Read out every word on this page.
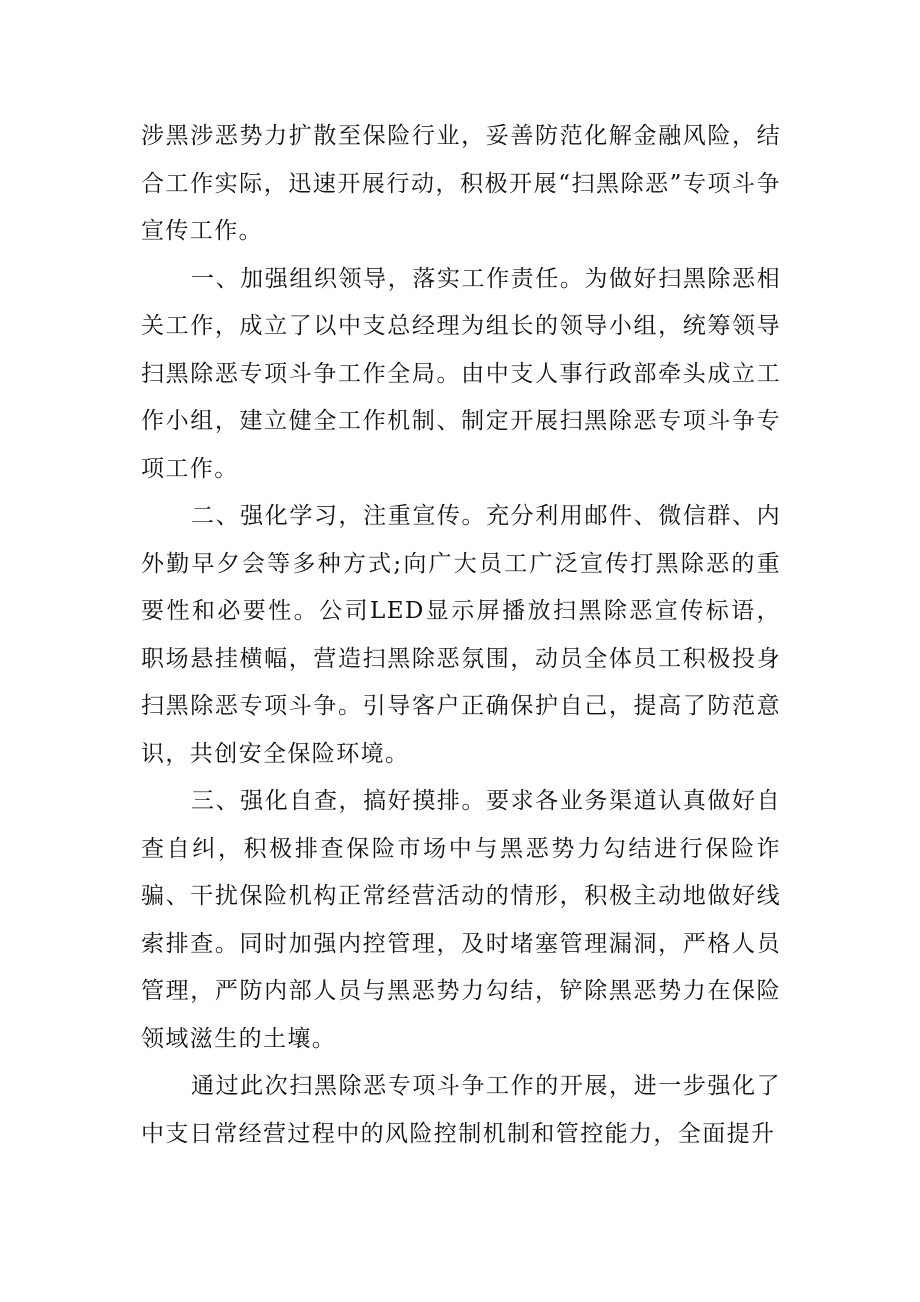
涉黑涉恶势力扩散至保险行业，妥善防范化解金融风险，结合工作实际，迅速开展行动，积极开展“扫黑除恶”专项斗争宣传工作。

一、加强组织领导，落实工作责任。为做好扫黑除恶相关工作，成立了以中支总经理为组长的领导小组，统筹领导扫黑除恶专项斗争工作全局。由中支人事行政部牵头成立工作小组，建立健全工作机制、制定开展扫黑除恶专项斗争专项工作。

二、强化学习，注重宣传。充分利用邮件、微信群、内外勤早夕会等多种方式;向广大员工广泛宣传打黑除恶的重要性和必要性。公司LED显示屏播放扫黑除恶宣传标语，职场悬挂横幅，营造扫黑除恶氛围，动员全体员工积极投身扫黑除恶专项斗争。引导客户正确保护自己，提高了防范意识，共创安全保险环境。

三、强化自查，搞好摸排。要求各业务渠道认真做好自查自纠，积极排查保险市场中与黑恶势力勾结进行保险诈骗、干扰保险机构正常经营活动的情形，积极主动地做好线索排查。同时加强内控管理，及时堵塞管理漏洞，严格人员管理，严防内部人员与黑恶势力勾结，铲除黑恶势力在保险领域滋生的土壤。

通过此次扫黑除恶专项斗争工作的开展，进一步强化了中支日常经营过程中的风险控制机制和管控能力，全面提升
